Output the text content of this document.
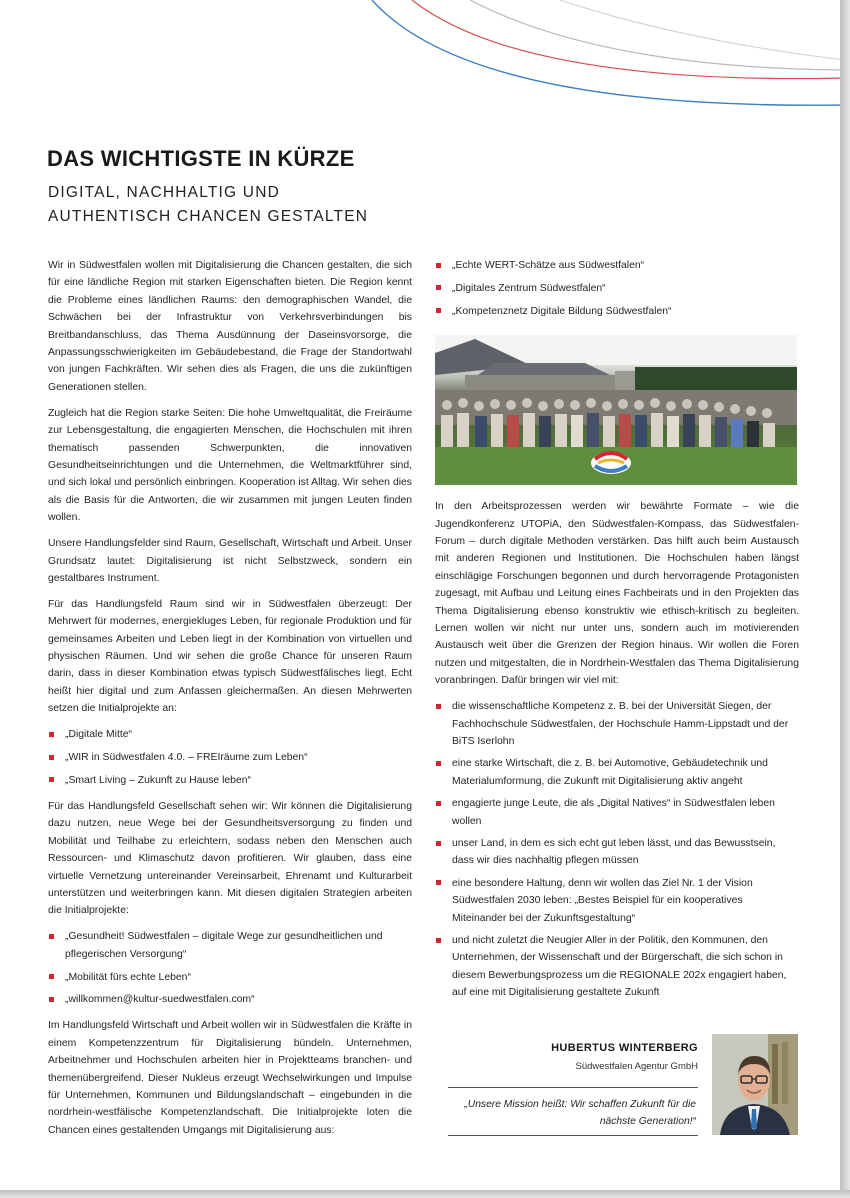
DAS WICHTIGSTE IN KÜRZE
DIGITAL, NACHHALTIG UND
AUTHENTISCH CHANCEN GESTALTEN

Wir in Südwestfalen wollen mit Digitalisierung die Chancen gestalten, die sich für eine ländliche Region mit starken Eigenschaften bieten. Die Region kennt die Probleme eines ländlichen Raums: den demographischen Wandel, die Schwächen bei der Infrastruktur von Verkehrsverbindungen bis Breitbandanschluss, das Thema Ausdünnung der Daseinsvorsorge, die Anpassungsschwierigkeiten im Gebäudebestand, die Frage der Standortwahl von jungen Fachkräften. Wir sehen dies als Fragen, die uns die zukünftigen Generationen stellen.

Zugleich hat die Region starke Seiten: Die hohe Umweltqualität, die Freiräume zur Lebensgestaltung, die engagierten Menschen, die Hochschulen mit ihren thematisch passenden Schwerpunkten, die innovativen Gesundheitseinrichtungen und die Unternehmen, die Weltmarktführer sind, und sich lokal und persönlich einbringen. Kooperation ist Alltag. Wir sehen dies als die Basis für die Antworten, die wir zusammen mit jungen Leuten finden wollen.

Unsere Handlungsfelder sind Raum, Gesellschaft, Wirtschaft und Arbeit. Unser Grundsatz lautet: Digitalisierung ist nicht Selbstzweck, sondern ein gestaltbares Instrument.

Für das Handlungsfeld Raum sind wir in Südwestfalen überzeugt: Der Mehrwert für modernes, energiekluges Leben, für regionale Produktion und für gemeinsames Arbeiten und Leben liegt in der Kombination von virtuellen und physischen Räumen. Und wir sehen die große Chance für unseren Raum darin, dass in dieser Kombination etwas typisch Südwestfälisches liegt. Echt heißt hier digital und zum Anfassen gleichermaßen. An diesen Mehrwerten setzen die Initialprojekte an:

„Digitale Mitte“
„WIR in Südwestfalen 4.0. – FREIräume zum Leben“
„Smart Living – Zukunft zu Hause leben“

Für das Handlungsfeld Gesellschaft sehen wir: Wir können die Digitalisierung dazu nutzen, neue Wege bei der Gesundheitsversorgung zu finden und Mobilität und Teilhabe zu erleichtern, sodass neben den Menschen auch Ressourcen- und Klimaschutz davon profitieren. Wir glauben, dass eine virtuelle Vernetzung untereinander Vereinsarbeit, Ehrenamt und Kulturarbeit unterstützen und weiterbringen kann. Mit diesen digitalen Strategien arbeiten die Initialprojekte:

„Gesundheit! Südwestfalen – digitale Wege zur gesundheitlichen und pflegerischen Versorgung“
„Mobilität fürs echte Leben“
„willkommen@kultur-suedwestfalen.com“

Im Handlungsfeld Wirtschaft und Arbeit wollen wir in Südwestfalen die Kräfte in einem Kompetenzzentrum für Digitalisierung bündeln. Unternehmen, Arbeitnehmer und Hochschulen arbeiten hier in Projektteams branchen- und themenübergreifend. Dieser Nukleus erzeugt Wechselwirkungen und Impulse für Unternehmen, Kommunen und Bildungslandschaft – eingebunden in die nordrhein-westfälische Kompetenzlandschaft. Die Initialprojekte loten die Chancen eines gestaltenden Umgangs mit Digitalisierung aus:

„Echte WERT-Schätze aus Südwestfalen“
„Digitales Zentrum Südwestfalen“
„Kompetenznetz Digitale Bildung Südwestfalen“

In den Arbeitsprozessen werden wir bewährte Formate – wie die Jugendkonferenz UTOPiA, den Südwestfalen-Kompass, das Südwestfalen-Forum – durch digitale Methoden verstärken. Das hilft auch beim Austausch mit anderen Regionen und Institutionen. Die Hochschulen haben längst einschlägige Forschungen begonnen und durch hervorragende Protagonisten zugesagt, mit Aufbau und Leitung eines Fachbeirats und in den Projekten das Thema Digitalisierung ebenso konstruktiv wie ethisch-kritisch zu begleiten. Lernen wollen wir nicht nur unter uns, sondern auch im motivierenden Austausch weit über die Grenzen der Region hinaus. Wir wollen die Foren nutzen und mitgestalten, die in Nordrhein-Westfalen das Thema Digitalisierung voranbringen. Dafür bringen wir viel mit:

die wissenschaftliche Kompetenz z. B. bei der Universität Siegen, der Fachhochschule Südwestfalen, der Hochschule Hamm-Lippstadt und der BiTS Iserlohn
eine starke Wirtschaft, die z. B. bei Automotive, Gebäudetechnik und Materialumformung, die Zukunft mit Digitalisierung aktiv angeht
engagierte junge Leute, die als „Digital Natives“ in Südwestfalen leben wollen
unser Land, in dem es sich echt gut leben lässt, und das Bewusstsein, dass wir dies nachhaltig pflegen müssen
eine besondere Haltung, denn wir wollen das Ziel Nr. 1 der Vision Südwestfalen 2030 leben: „Bestes Beispiel für ein kooperatives Miteinander bei der Zukunftsgestaltung“
und nicht zuletzt die Neugier Aller in der Politik, den Kommunen, den Unternehmen, der Wissenschaft und der Bürgerschaft, die sich schon in diesem Bewerbungsprozess um die REGIONALE 202x engagiert haben, auf eine mit Digitalisierung gestaltete Zukunft
HUBERTUS WINTERBERG
Südwestfalen Agentur GmbH
„Unsere Mission heißt: Wir schaffen Zukunft für die nächste Generation!“
